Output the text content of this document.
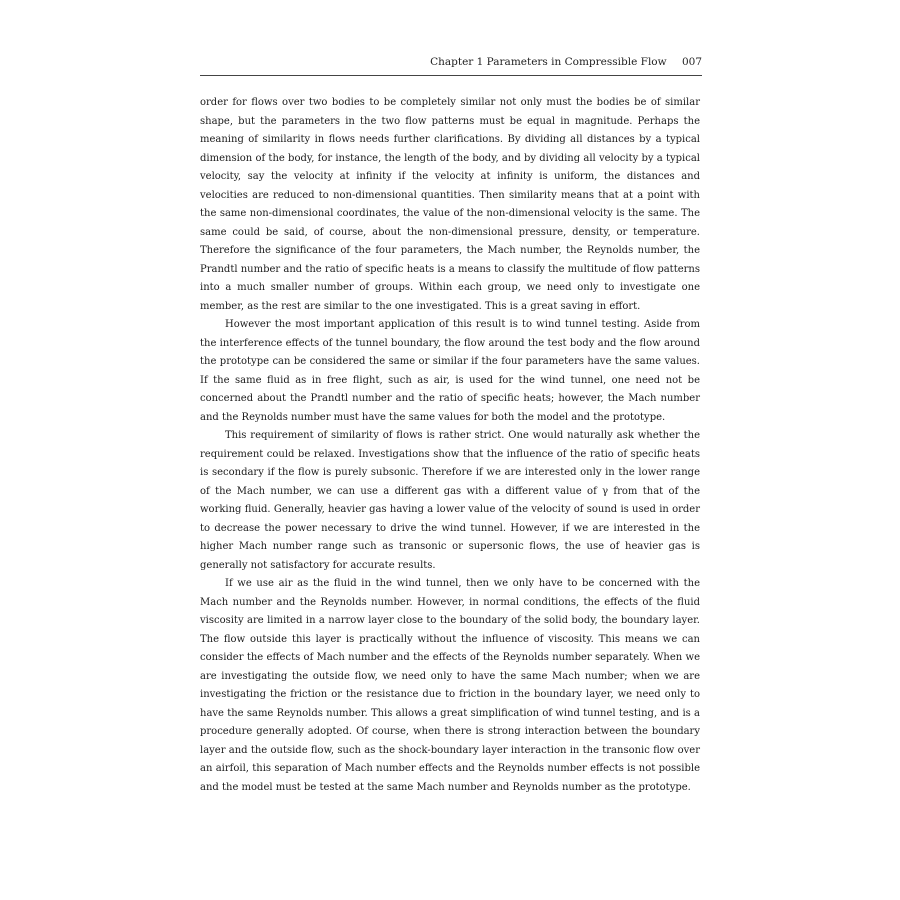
Chapter 1 Parameters in Compressible Flow 007

order for flows over two bodies to be completely similar not only must the bodies be of similar shape, but the parameters in the two flow patterns must be equal in magnitude. Perhaps the meaning of similarity in flows needs further clarifications. By dividing all distances by a typical dimension of the body, for instance, the length of the body, and by dividing all velocity by a typical velocity, say the velocity at infinity if the velocity at infinity is uniform, the distances and velocities are reduced to non-dimensional quantities. Then similarity means that at a point with the same non-dimensional coordinates, the value of the non-dimensional velocity is the same. The same could be said, of course, about the non-dimensional pressure, density, or temperature. Therefore the significance of the four parameters, the Mach number, the Reynolds number, the Prandtl number and the ratio of specific heats is a means to classify the multitude of flow patterns into a much smaller number of groups. Within each group, we need only to investigate one member, as the rest are similar to the one investigated. This is a great saving in effort.

However the most important application of this result is to wind tunnel testing. Aside from the interference effects of the tunnel boundary, the flow around the test body and the flow around the prototype can be considered the same or similar if the four parameters have the same values. If the same fluid as in free flight, such as air, is used for the wind tunnel, one need not be concerned about the Prandtl number and the ratio of specific heats; however, the Mach number and the Reynolds number must have the same values for both the model and the prototype.

This requirement of similarity of flows is rather strict. One would naturally ask whether the requirement could be relaxed. Investigations show that the influence of the ratio of specific heats is secondary if the flow is purely subsonic. Therefore if we are interested only in the lower range of the Mach number, we can use a different gas with a different value of γ from that of the working fluid. Generally, heavier gas having a lower value of the velocity of sound is used in order to decrease the power necessary to drive the wind tunnel. However, if we are interested in the higher Mach number range such as transonic or supersonic flows, the use of heavier gas is generally not satisfactory for accurate results.

If we use air as the fluid in the wind tunnel, then we only have to be concerned with the Mach number and the Reynolds number. However, in normal conditions, the effects of the fluid viscosity are limited in a narrow layer close to the boundary of the solid body, the boundary layer. The flow outside this layer is practically without the influence of viscosity. This means we can consider the effects of Mach number and the effects of the Reynolds number separately. When we are investigating the outside flow, we need only to have the same Mach number; when we are investigating the friction or the resistance due to friction in the boundary layer, we need only to have the same Reynolds number. This allows a great simplification of wind tunnel testing, and is a procedure generally adopted. Of course, when there is strong interaction between the boundary layer and the outside flow, such as the shock-boundary layer interaction in the transonic flow over an airfoil, this separation of Mach number effects and the Reynolds number effects is not possible and the model must be tested at the same Mach number and Reynolds number as the prototype.
